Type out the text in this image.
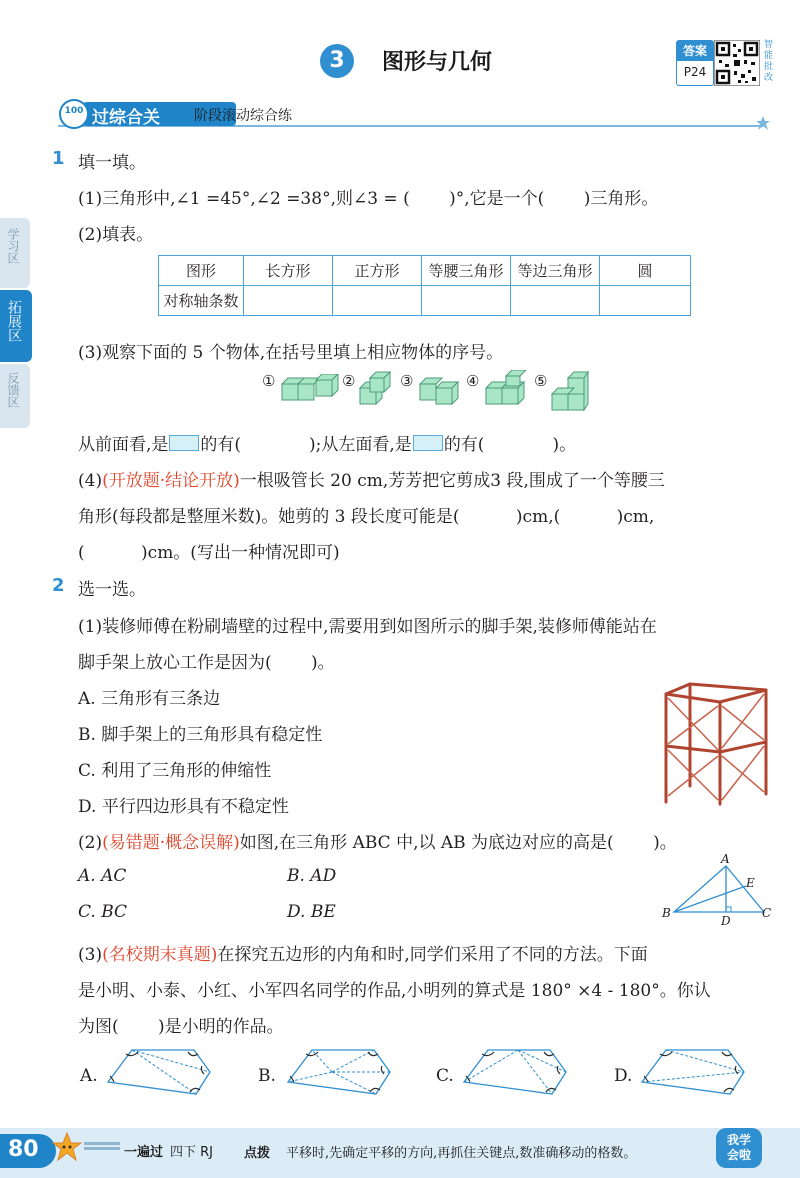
3	图形与几何	答案
P24
智能批改
100 过综合关 阶段滚动综合练
学习区
拓展区
反馈区
1 填一填。
(1)三角形中,∠1 =45°,∠2 =38°,则∠3 = (　　 )°,它是一个(　　 )三角形。
(2)填表。
图形	长方形	正方形	等腰三角形	等边三角形	圆
对称轴条数					
(3)观察下面的 5 个物体,在括号里填上相应物体的序号。
①	②	③	④	⑤
从前面看,是 的有(　　　　);从左面看,是 的有(　　　　)。
(4)(开放题·结论开放)一根吸管长 20 cm,芳芳把它剪成3 段,围成了一个等腰三
角形(每段都是整厘米数)。她剪的 3 段长度可能是(　　　 )cm,(　　　 )cm,
(　　　 )cm。(写出一种情况即可)
2 选一选。
(1)装修师傅在粉刷墙壁的过程中,需要用到如图所示的脚手架,装修师傅能站在
脚手架上放心工作是因为(　　 )。
A. 三角形有三条边
B. 脚手架上的三角形具有稳定性
C. 利用了三角形的伸缩性
D. 平行四边形具有不稳定性
(2)(易错题·概念误解)如图,在三角形 ABC 中,以 AB 为底边对应的高是(　　 )。
A. AC	B. AD
C. BC	D. BE
A
E
B
D
C
(3)(名校期末真题)在探究五边形的内角和时,同学们采用了不同的方法。下面
是小明、小泰、小红、小军四名同学的作品,小明列的算式是 180° ×4 - 180°。你认
为图(　　 )是小明的作品。
A.	B.	C.	D.
80	一遍过 四下 RJ 点拨 平移时,先确定平移的方向,再抓住关键点,数准确移动的格数。
我学会啦
